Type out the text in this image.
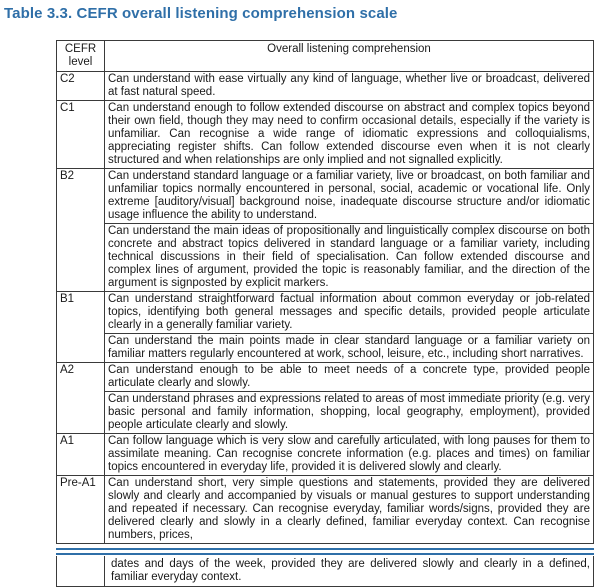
Table 3.3. CEFR overall listening comprehension scale
CEFR level	Overall listening comprehension
C2	Can understand with ease virtually any kind of language, whether live or broadcast, delivered at fast natural speed.
C1	Can understand enough to follow extended discourse on abstract and complex topics beyond their own field, though they may need to confirm occasional details, especially if the variety is unfamiliar. Can recognise a wide range of idiomatic expressions and colloquialisms, appreciating register shifts. Can follow extended discourse even when it is not clearly structured and when relationships are only implied and not signalled explicitly.
B2	Can understand standard language or a familiar variety, live or broadcast, on both familiar and unfamiliar topics normally encountered in personal, social, academic or vocational life. Only extreme [auditory/visual] background noise, inadequate discourse structure and/or idiomatic usage influence the ability to understand.
	Can understand the main ideas of propositionally and linguistically complex discourse on both concrete and abstract topics delivered in standard language or a familiar variety, including technical discussions in their field of specialisation. Can follow extended discourse and complex lines of argument, provided the topic is reasonably familiar, and the direction of the argument is signposted by explicit markers.
B1	Can understand straightforward factual information about common everyday or job-related topics, identifying both general messages and specific details, provided people articulate clearly in a generally familiar variety.
	Can understand the main points made in clear standard language or a familiar variety on familiar matters regularly encountered at work, school, leisure, etc., including short narratives.
A2	Can understand enough to be able to meet needs of a concrete type, provided people articulate clearly and slowly.
	Can understand phrases and expressions related to areas of most immediate priority (e.g. very basic personal and family information, shopping, local geography, employment), provided people articulate clearly and slowly.
A1	Can follow language which is very slow and carefully articulated, with long pauses for them to assimilate meaning. Can recognise concrete information (e.g. places and times) on familiar topics encountered in everyday life, provided it is delivered slowly and clearly.
Pre-A1	Can understand short, very simple questions and statements, provided they are delivered slowly and clearly and accompanied by visuals or manual gestures to support understanding and repeated if necessary. Can recognise everyday, familiar words/signs, provided they are delivered clearly and slowly in a clearly defined, familiar everyday context. Can recognise numbers, prices,
dates and days of the week, provided they are delivered slowly and clearly in a defined, familiar everyday context.
